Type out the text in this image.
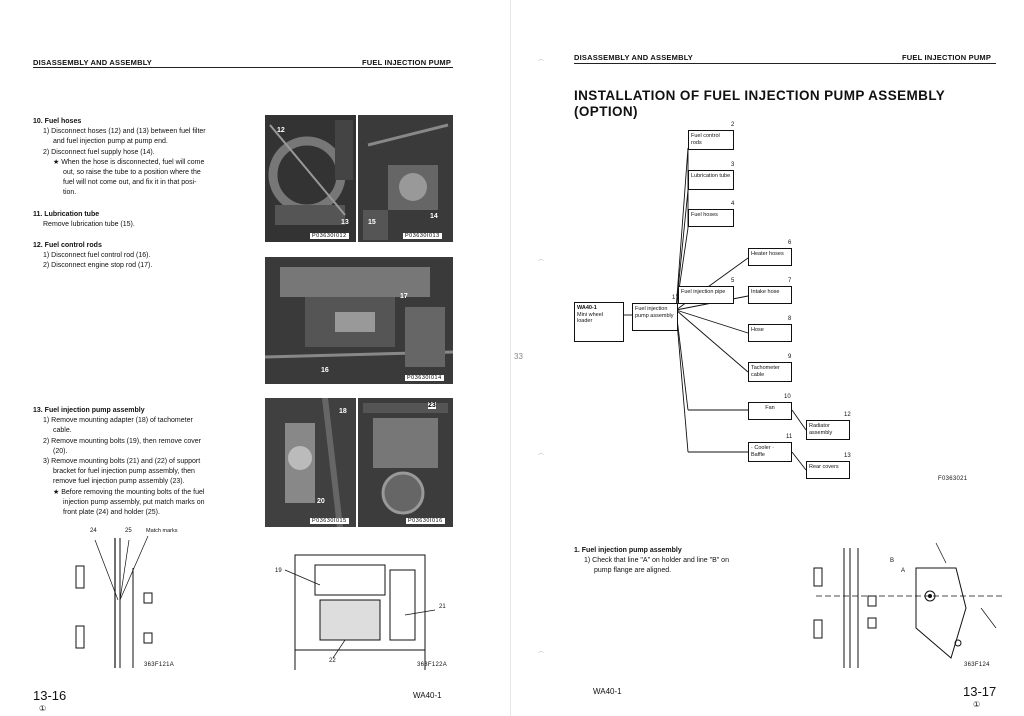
DISASSEMBLY AND ASSEMBLY	FUEL INJECTION PUMP
10. Fuel hoses
1) Disconnect hoses (12) and (13) between fuel filter
and fuel injection pump at pump end.
2) Disconnect fuel supply hose (14).
★ When the hose is disconnected, fuel will come
out, so raise the tube to a position where the
fuel will not come out, and fix it in that posi-
tion.
11. Lubrication tube
Remove lubrication tube (15).
12. Fuel control rods
1) Disconnect fuel control rod (16).
2) Disconnect engine stop rod (17).
13. Fuel injection pump assembly
1) Remove mounting adapter (18) of tachometer
cable.
2) Remove mounting bolts (19), then remove cover
(20).
3) Remove mounting bolts (21) and (22) of support
bracket for fuel injection pump assembly, then
remove fuel injection pump assembly (23).
★ Before removing the mounting bolts of the fuel
injection pump assembly, put match marks on
front plate (24) and holder (25).
12
13
P03630I012
15
14
P03630I013
17
16
P03630I014
18
20
P03630I015
23
P03630I016
24	25	Match marks
363F121A
19
21
22
363F122A
13-16
①
WA40-1
33
⌒
⌒
⌒
⌒
DISASSEMBLY AND ASSEMBLY	FUEL INJECTION PUMP
INSTALLATION OF FUEL INJECTION PUMP ASSEMBLY
(OPTION)
WA40-1
Mini wheel
loader
1
Fuel injection pump assembly
2
Fuel control rods
3
Lubrication tube
4
Fuel hoses
5
Fuel injection pipe
6
Heater hoses
7
Intake hose
8
Hose
9
Tachometer cable
10
Fan
11
· Cooler · Baffle
12
Radiator assembly
13
Rear covers
F0363021
1. Fuel injection pump assembly
1) Check that line "A" on holder and line "B" on
pump flange are aligned.
B
A
363F124
WA40-1	13-17
①
